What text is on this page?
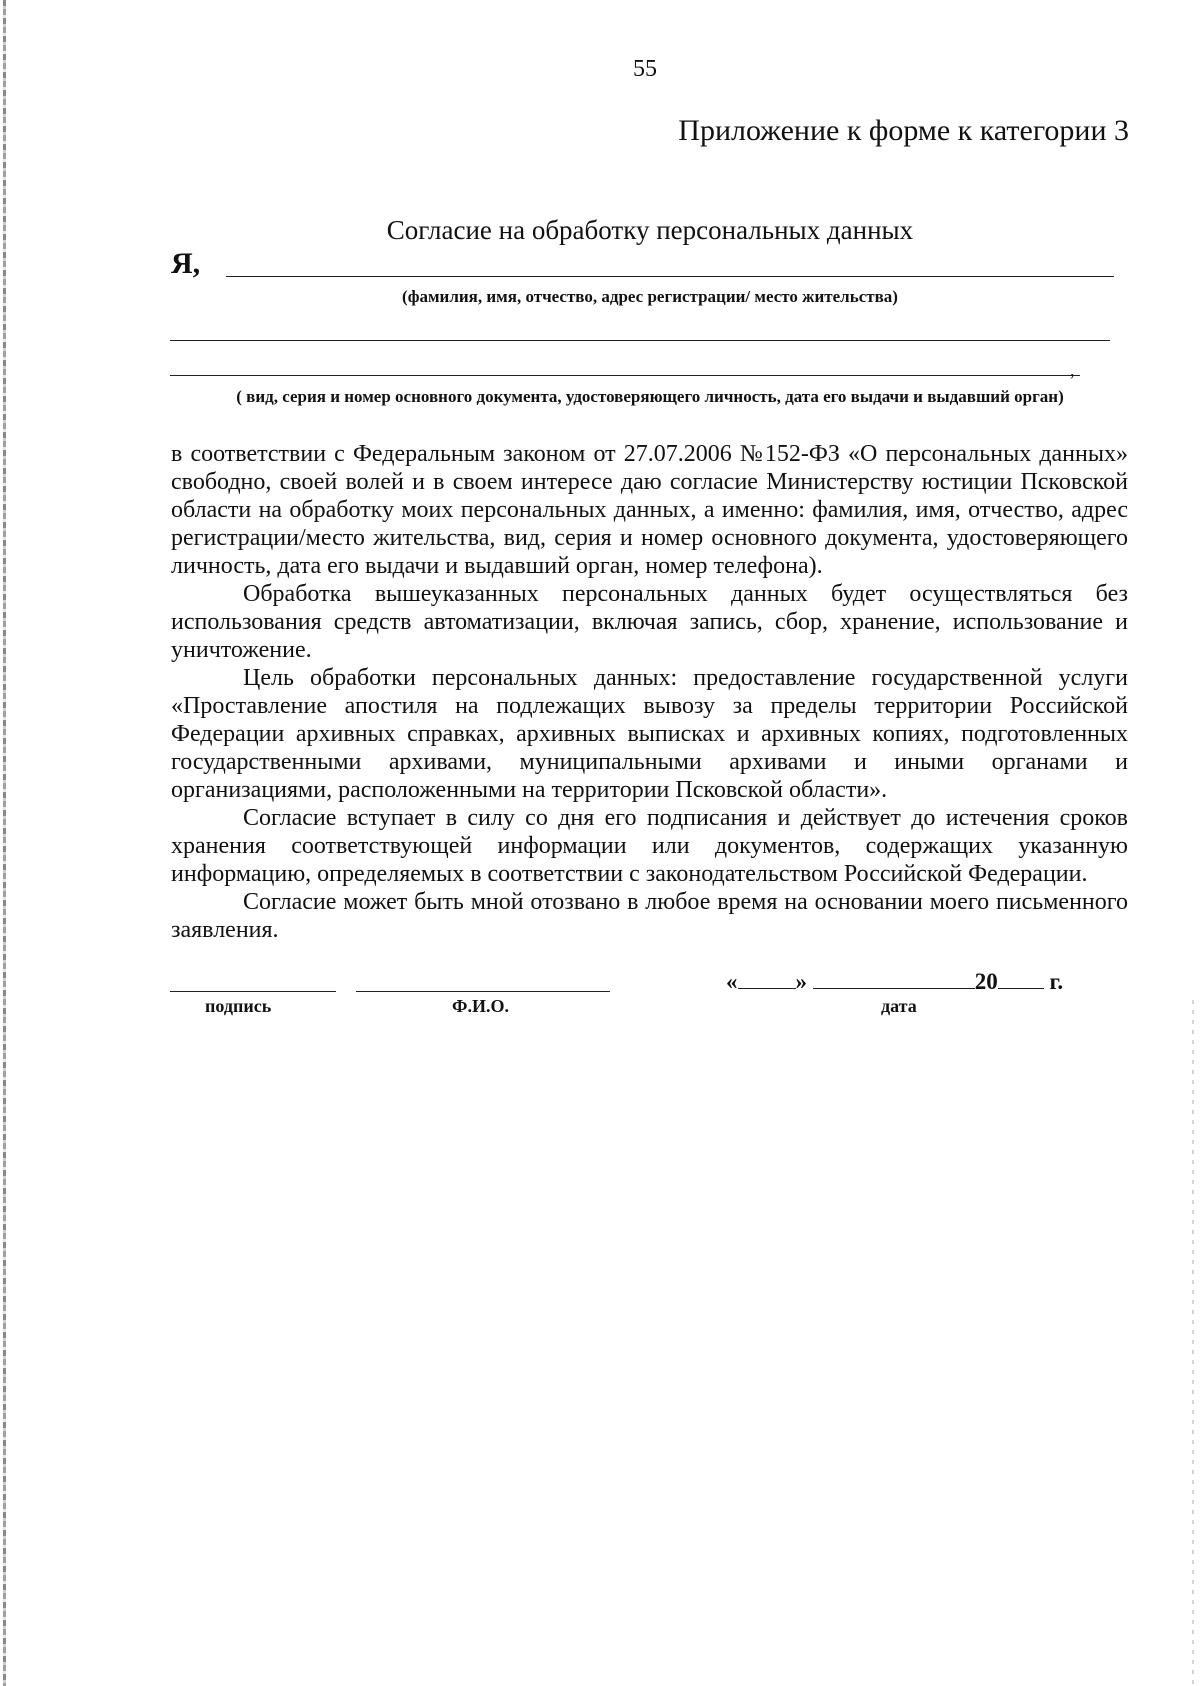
55
Приложение к форме к категории 3
Согласие на обработку персональных данных
Я,
(фамилия, имя, отчество, адрес регистрации/ место жительства)
,
( вид, серия и номер основного документа, удостоверяющего личность, дата его выдачи и выдавший орган)

в соответствии с Федеральным законом от 27.07.2006 №152-ФЗ «О персональных данных» свободно, своей волей и в своем интересе даю согласие Министерству юстиции Псковской области на обработку моих персональных данных, а именно: фамилия, имя, отчество, адрес регистрации/место жительства, вид, серия и номер основного документа, удостоверяющего личность, дата его выдачи и выдавший орган, номер телефона).

Обработка вышеуказанных персональных данных будет осуществляться без использования средств автоматизации, включая запись, сбор, хранение, использование и уничтожение.

Цель обработки персональных данных: предоставление государственной услуги «Проставление апостиля на подлежащих вывозу за пределы территории Российской Федерации архивных справках, архивных выписках и архивных копиях, подготовленных государственными архивами, муниципальными архивами и иными органами и организациями, расположенными на территории Псковской области».

Согласие вступает в силу со дня его подписания и действует до истечения сроков хранения соответствующей информации или документов, содержащих указанную информацию, определяемых в соответствии с законодательством Российской Федерации.

Согласие может быть мной отозвано в любое время на основании моего письменного заявления.

подпись	Ф.И.О.
«	»	20 г.
дата
